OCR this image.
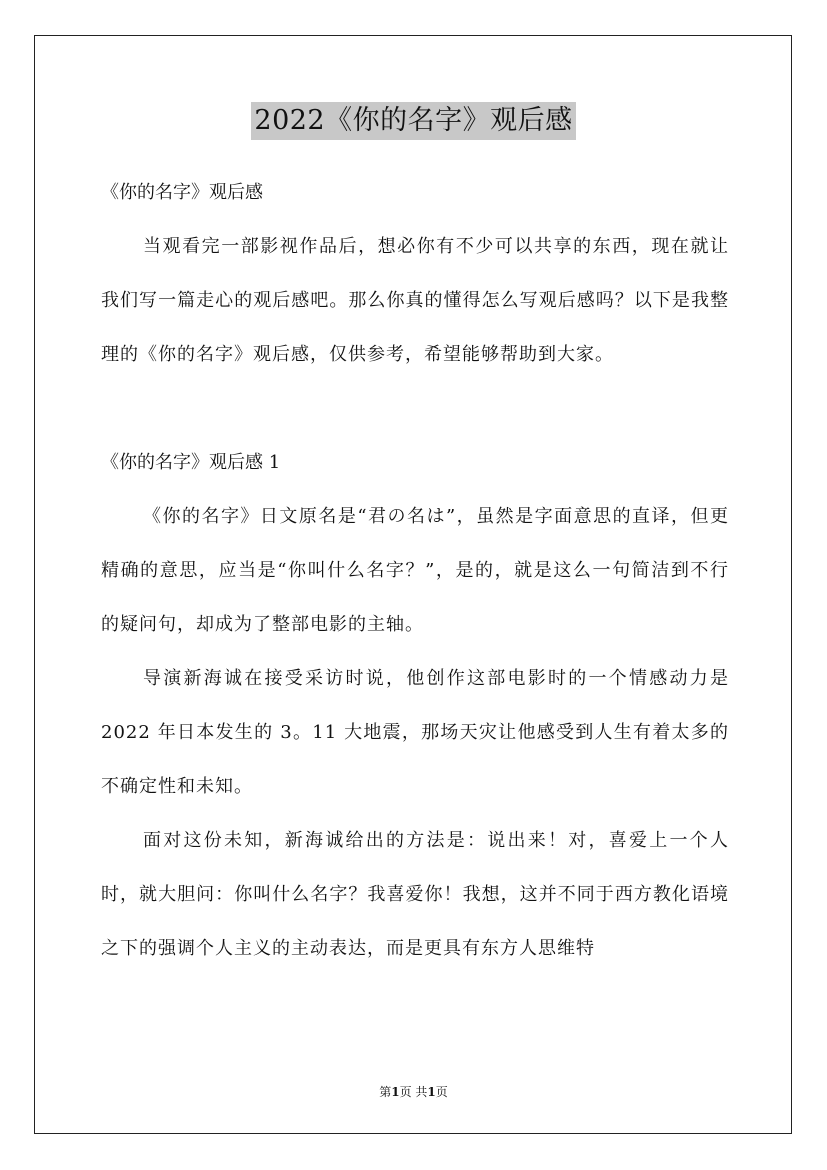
2022《你的名字》观后感

《你的名字》观后感

当观看完一部影视作品后，想必你有不少可以共享的东西，现在就让我们写一篇走心的观后感吧。那么你真的懂得怎么写观后感吗？以下是我整理的《你的名字》观后感，仅供参考，希望能够帮助到大家。

《你的名字》观后感 1

《你的名字》日文原名是“君の名は”，虽然是字面意思的直译，但更精确的意思，应当是“你叫什么名字？”，是的，就是这么一句简洁到不行的疑问句，却成为了整部电影的主轴。

导演新海诚在接受采访时说，他创作这部电影时的一个情感动力是 2022 年日本发生的 3。11 大地震，那场天灾让他感受到人生有着太多的不确定性和未知。

面对这份未知，新海诚给出的方法是：说出来！对，喜爱上一个人时，就大胆问：你叫什么名字？我喜爱你！我想，这并不同于西方教化语境之下的强调个人主义的主动表达，而是更具有东方人思维特

第1页 共1页
